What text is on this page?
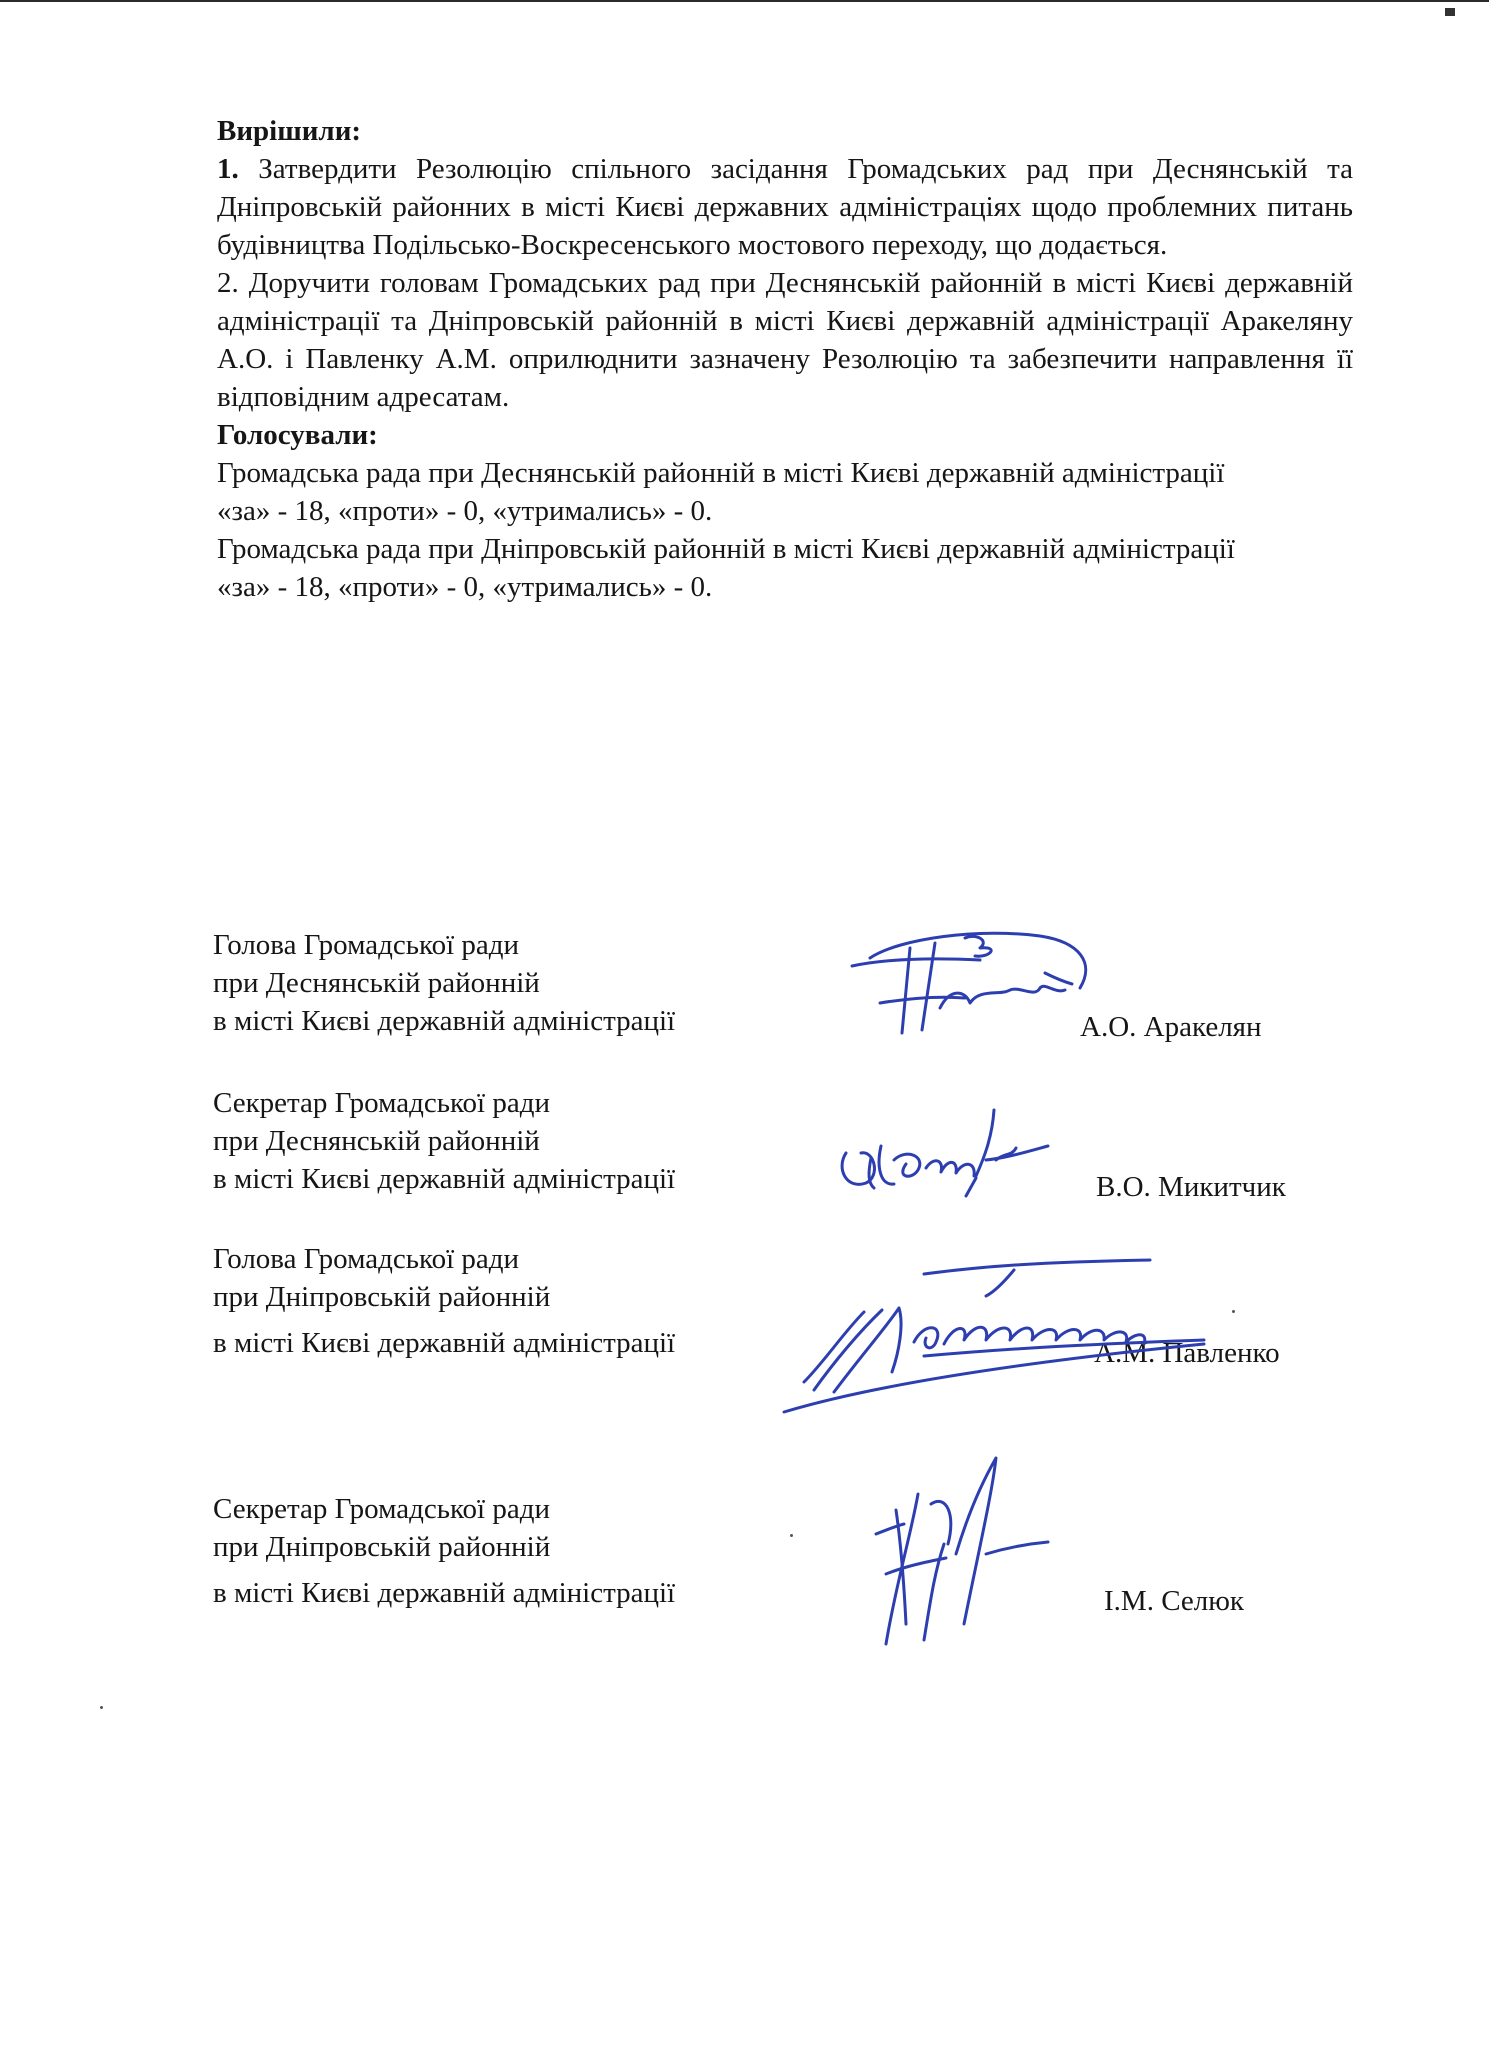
Вирішили:

1. Затвердити Резолюцію спільного засідання Громадських рад при Деснянській та Дніпровській районних в місті Києві державних адміністраціях щодо проблемних питань будівництва Подільсько-Воскресенського мостового переходу, що додається.

2. Доручити головам Громадських рад при Деснянській районній в місті Києві державній адміністрації та Дніпровській районній в місті Києві державній адміністрації Аракеляну А.О. і Павленку А.М. оприлюднити зазначену Резолюцію та забезпечити направлення її відповідним адресатам.

Голосували:

Громадська рада при Деснянській районній в місті Києві державній адміністрації

«за» - 18, «проти» - 0, «утримались» - 0.

Громадська рада при Дніпровській районній в місті Києві державній адміністрації

«за» - 18, «проти» - 0, «утримались» - 0.

Голова Громадської ради
при Деснянській районній
в місті Києві державній адміністрації	А.О. Аракелян
Секретар Громадської ради
при Деснянській районній
в місті Києві державній адміністрації	В.О. Микитчик
Голова Громадської ради
при Дніпровській районній
в місті Києві державній адміністрації	А.М. Павленко
Секретар Громадської ради
при Дніпровській районній
в місті Києві державній адміністрації	І.М. Селюк
